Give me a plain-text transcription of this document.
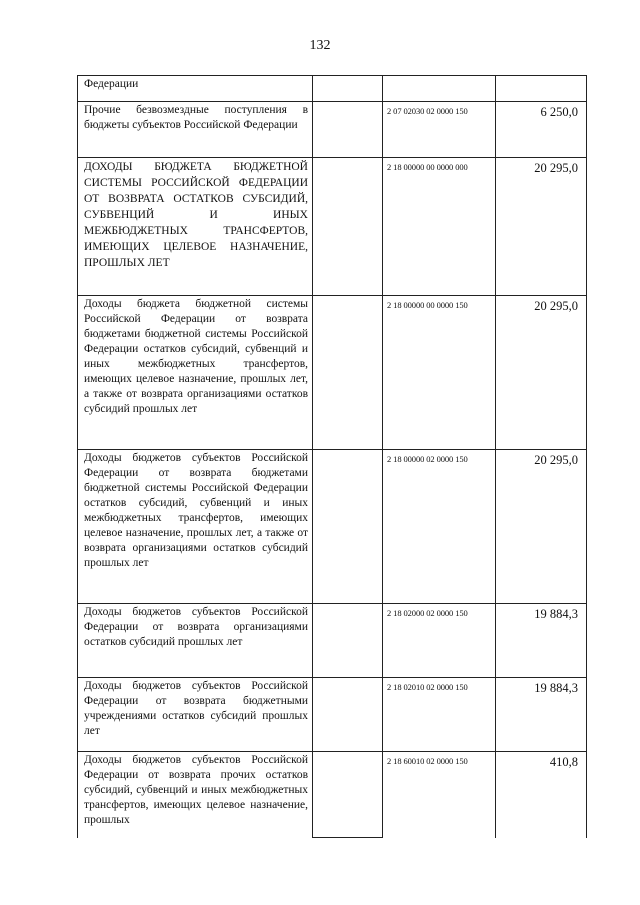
132
Федерации			
Прочие безвозмездные поступления в бюджеты субъектов Российской Федерации		2 07 02030 02 0000 150	6 250,0
ДОХОДЫ БЮДЖЕТА БЮДЖЕТНОЙ СИСТЕМЫ РОССИЙСКОЙ ФЕДЕРАЦИИ ОТ ВОЗВРАТА ОСТАТКОВ СУБСИДИЙ, СУБВЕНЦИЙ И ИНЫХ МЕЖБЮДЖЕТНЫХ ТРАНСФЕРТОВ, ИМЕЮЩИХ ЦЕЛЕВОЕ НАЗНАЧЕНИЕ, ПРОШЛЫХ ЛЕТ		2 18 00000 00 0000 000	20 295,0
Доходы бюджета бюджетной системы Российской Федерации от возврата бюджетами бюджетной системы Российской Федерации остатков субсидий, субвенций и иных межбюджетных трансфертов, имеющих целевое назначение, прошлых лет, а также от возврата организациями остатков субсидий прошлых лет		2 18 00000 00 0000 150	20 295,0
Доходы бюджетов субъектов Российской Федерации от возврата бюджетами бюджетной системы Российской Федерации остатков субсидий, субвенций и иных межбюджетных трансфертов, имеющих целевое назначение, прошлых лет, а также от возврата организациями остатков субсидий прошлых лет		2 18 00000 02 0000 150	20 295,0
Доходы бюджетов субъектов Российской Федерации от возврата организациями остатков субсидий прошлых лет		2 18 02000 02 0000 150	19 884,3
Доходы бюджетов субъектов Российской Федерации от возврата бюджетными учреждениями остатков субсидий прошлых лет		2 18 02010 02 0000 150	19 884,3
Доходы бюджетов субъектов Российской Федерации от возврата прочих остатков субсидий, субвенций и иных межбюджетных трансфертов, имеющих целевое назначение, прошлых		2 18 60010 02 0000 150	410,8
